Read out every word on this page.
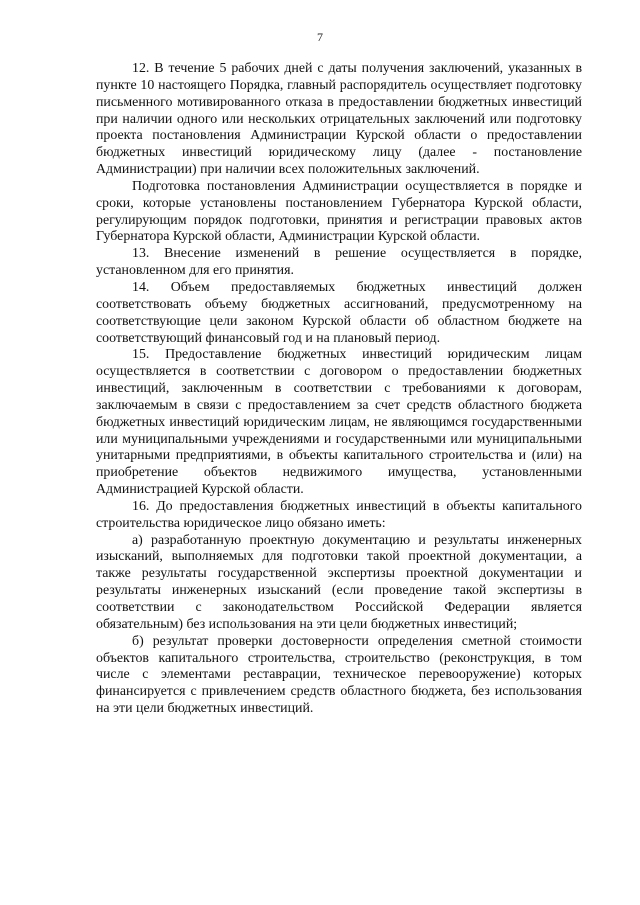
7

12. В течение 5 рабочих дней с даты получения заключений, указанных в пункте 10 настоящего Порядка, главный распорядитель осуществляет подготовку письменного мотивированного отказа в предоставлении бюджетных инвестиций при наличии одного или нескольких отрицательных заключений или подготовку проекта постановления Администрации Курской области о предоставлении бюджетных инвестиций юридическому лицу (далее - постановление Администрации) при наличии всех положительных заключений.

Подготовка постановления Администрации осуществляется в порядке и сроки, которые установлены постановлением Губернатора Курской области, регулирующим порядок подготовки, принятия и регистрации правовых актов Губернатора Курской области, Администрации Курской области.

13. Внесение изменений в решение осуществляется в порядке, установленном для его принятия.

14. Объем предоставляемых бюджетных инвестиций должен соответствовать объему бюджетных ассигнований, предусмотренному на соответствующие цели законом Курской области об областном бюджете на соответствующий финансовый год и на плановый период.

15. Предоставление бюджетных инвестиций юридическим лицам осуществляется в соответствии с договором о предоставлении бюджетных инвестиций, заключенным в соответствии с требованиями к договорам, заключаемым в связи с предоставлением за счет средств областного бюджета бюджетных инвестиций юридическим лицам, не являющимся государственными или муниципальными учреждениями и государственными или муниципальными унитарными предприятиями, в объекты капитального строительства и (или) на приобретение объектов недвижимого имущества, установленными Администрацией Курской области.

16. До предоставления бюджетных инвестиций в объекты капитального строительства юридическое лицо обязано иметь:

а) разработанную проектную документацию и результаты инженерных изысканий, выполняемых для подготовки такой проектной документации, а также результаты государственной экспертизы проектной документации и результаты инженерных изысканий (если проведение такой экспертизы в соответствии с законодательством Российской Федерации является обязательным) без использования на эти цели бюджетных инвестиций;

б) результат проверки достоверности определения сметной стоимости объектов капитального строительства, строительство (реконструкция, в том числе с элементами реставрации, техническое перевооружение) которых финансируется с привлечением средств областного бюджета, без использования на эти цели бюджетных инвестиций.
